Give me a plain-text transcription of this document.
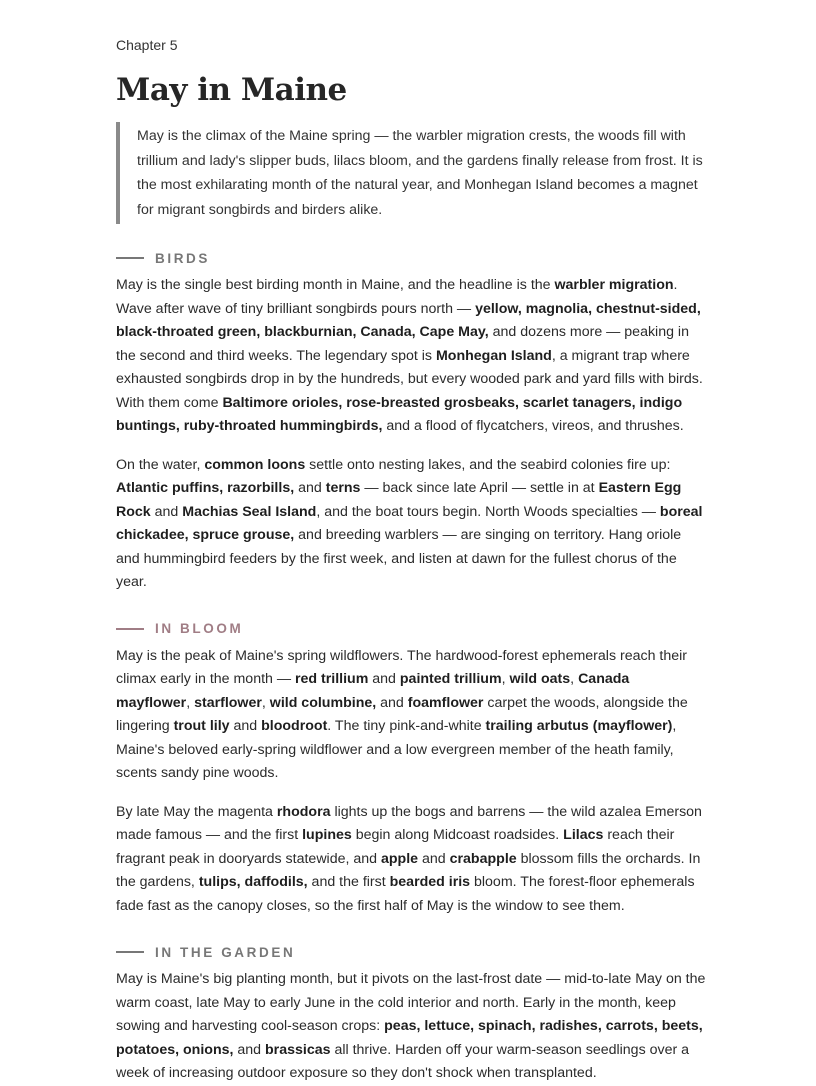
Chapter 5

May in Maine
May is the climax of the Maine spring — the warbler migration crests, the woods fill with trillium and lady's slipper buds, lilacs bloom, and the gardens finally release from frost. It is the most exhilarating month of the natural year, and Monhegan Island becomes a magnet for migrant songbirds and birders alike.
BIRDS

May is the single best birding month in Maine, and the headline is the warbler migration. Wave after wave of tiny brilliant songbirds pours north — yellow, magnolia, chestnut-sided, black-throated green, blackburnian, Canada, Cape May, and dozens more — peaking in the second and third weeks. The legendary spot is Monhegan Island, a migrant trap where exhausted songbirds drop in by the hundreds, but every wooded park and yard fills with birds. With them come Baltimore orioles, rose-breasted grosbeaks, scarlet tanagers, indigo buntings, ruby-throated hummingbirds, and a flood of flycatchers, vireos, and thrushes.

On the water, common loons settle onto nesting lakes, and the seabird colonies fire up: Atlantic puffins, razorbills, and terns — back since late April — settle in at Eastern Egg Rock and Machias Seal Island, and the boat tours begin. North Woods specialties — boreal chickadee, spruce grouse, and breeding warblers — are singing on territory. Hang oriole and hummingbird feeders by the first week, and listen at dawn for the fullest chorus of the year.

IN BLOOM

May is the peak of Maine's spring wildflowers. The hardwood-forest ephemerals reach their climax early in the month — red trillium and painted trillium, wild oats, Canada mayflower, starflower, wild columbine, and foamflower carpet the woods, alongside the lingering trout lily and bloodroot. The tiny pink-and-white trailing arbutus (mayflower), Maine's beloved early-spring wildflower and a low evergreen member of the heath family, scents sandy pine woods.

By late May the magenta rhodora lights up the bogs and barrens — the wild azalea Emerson made famous — and the first lupines begin along Midcoast roadsides. Lilacs reach their fragrant peak in dooryards statewide, and apple and crabapple blossom fills the orchards. In the gardens, tulips, daffodils, and the first bearded iris bloom. The forest-floor ephemerals fade fast as the canopy closes, so the first half of May is the window to see them.

IN THE GARDEN

May is Maine's big planting month, but it pivots on the last-frost date — mid-to-late May on the warm coast, late May to early June in the cold interior and north. Early in the month, keep sowing and harvesting cool-season crops: peas, lettuce, spinach, radishes, carrots, beets, potatoes, onions, and brassicas all thrive. Harden off your warm-season seedlings over a week of increasing outdoor exposure so they don't shock when transplanted.
